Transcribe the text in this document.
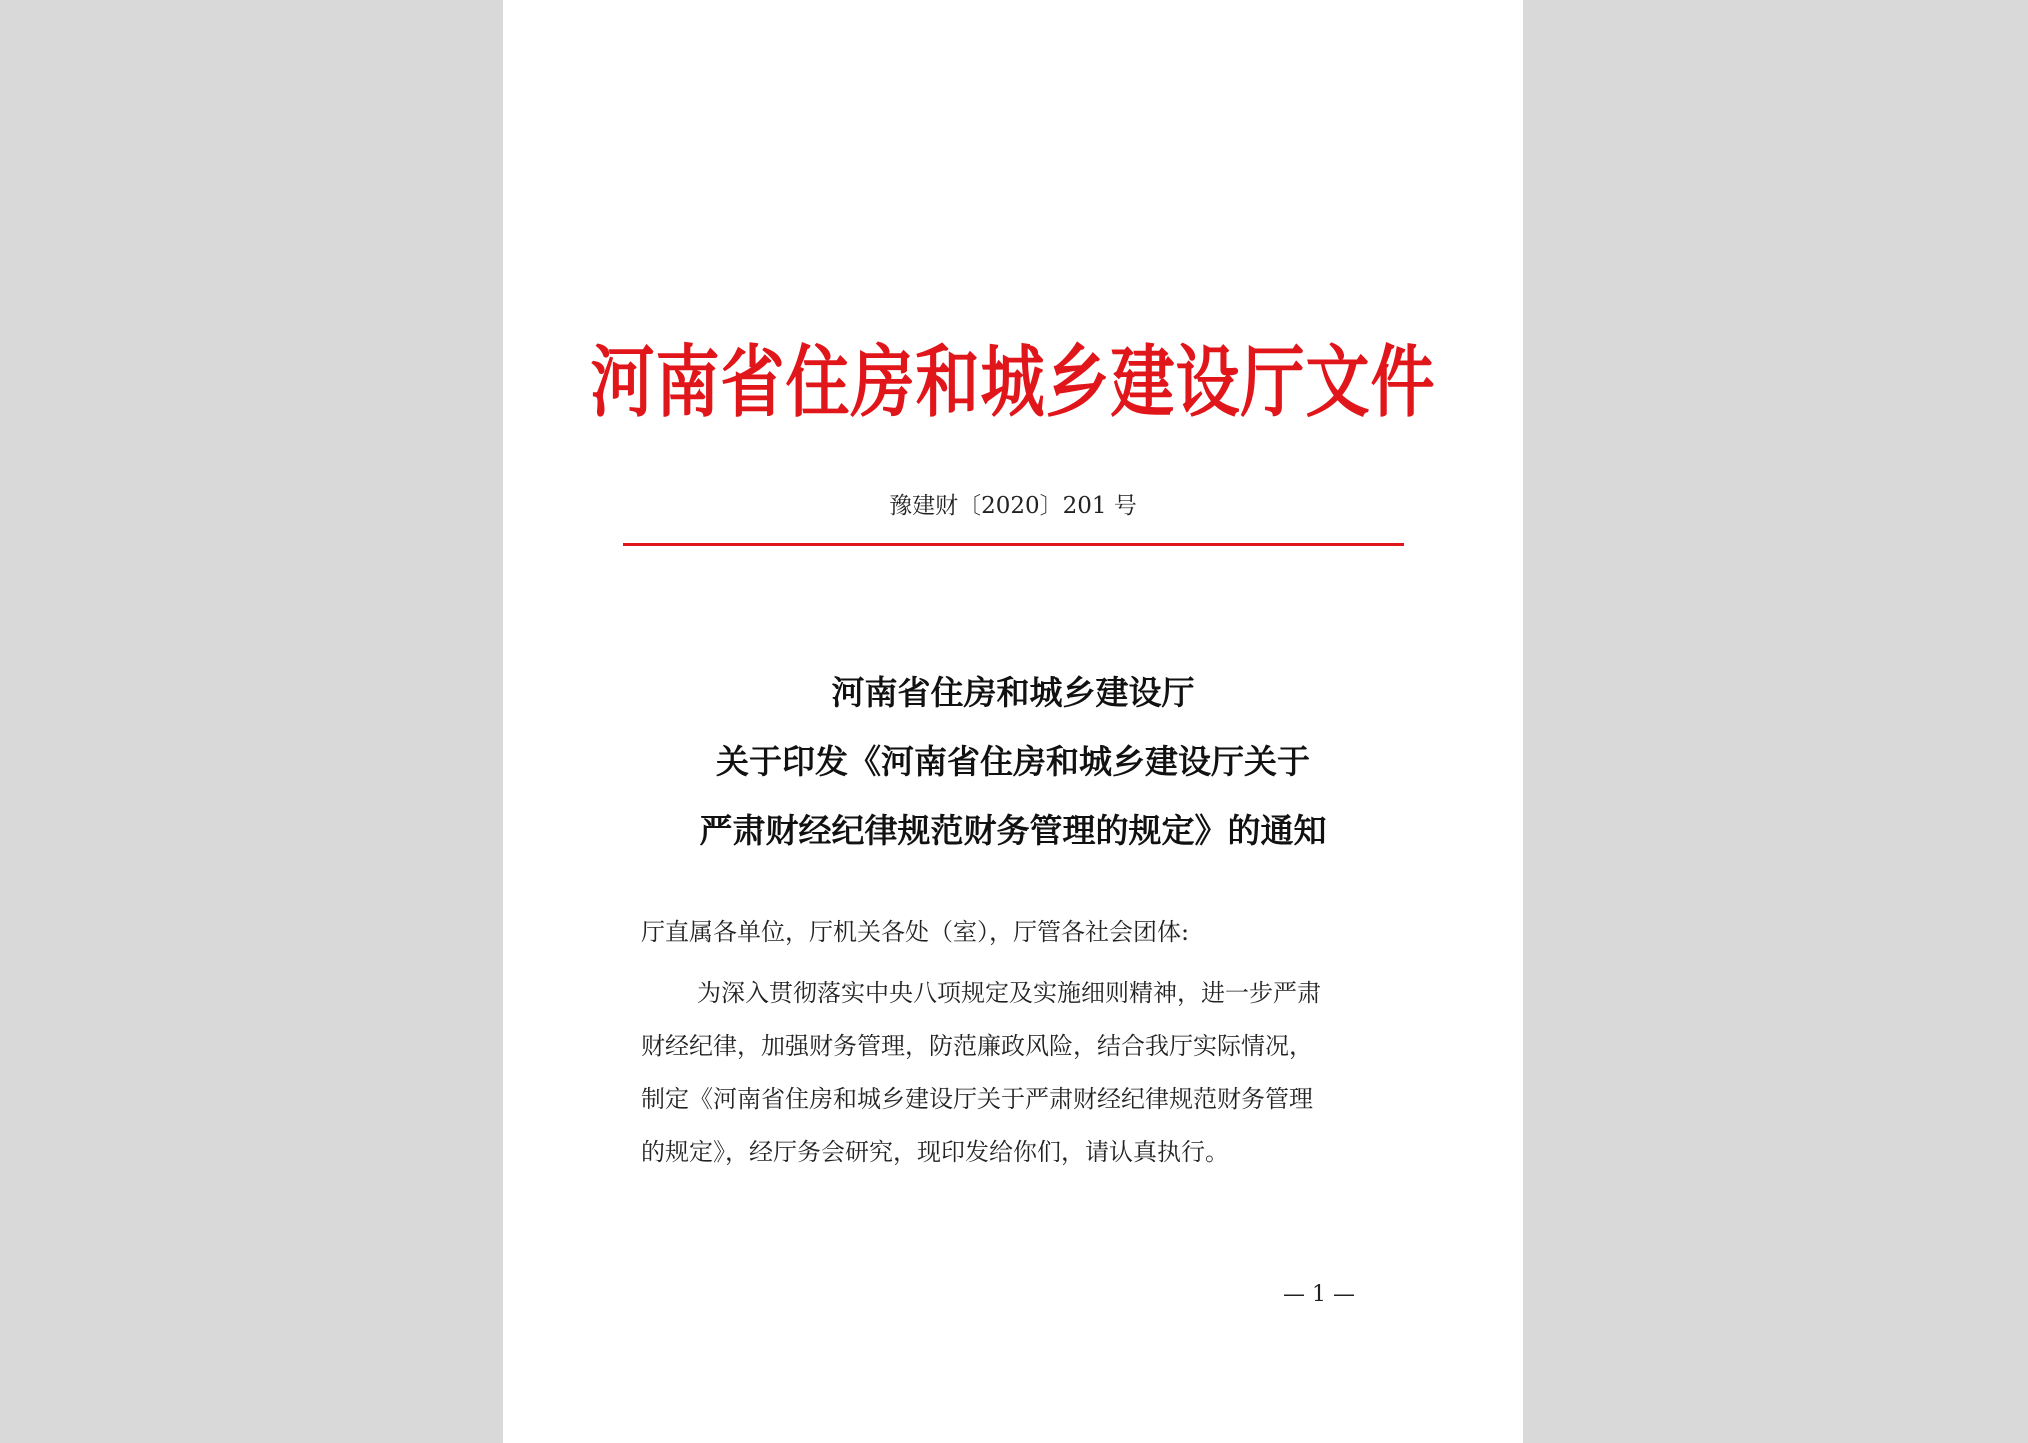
河南省住房和城乡建设厅文件
豫建财〔2020〕201 号
河南省住房和城乡建设厅
关于印发《河南省住房和城乡建设厅关于
严肃财经纪律规范财务管理的规定》的通知
厅直属各单位，厅机关各处（室），厅管各社会团体:
为深入贯彻落实中央八项规定及实施细则精神，进一步严肃
财经纪律，加强财务管理，防范廉政风险，结合我厅实际情况，
制定《河南省住房和城乡建设厅关于严肃财经纪律规范财务管理
的规定》，经厅务会研究，现印发给你们，请认真执行。
— 1 —
